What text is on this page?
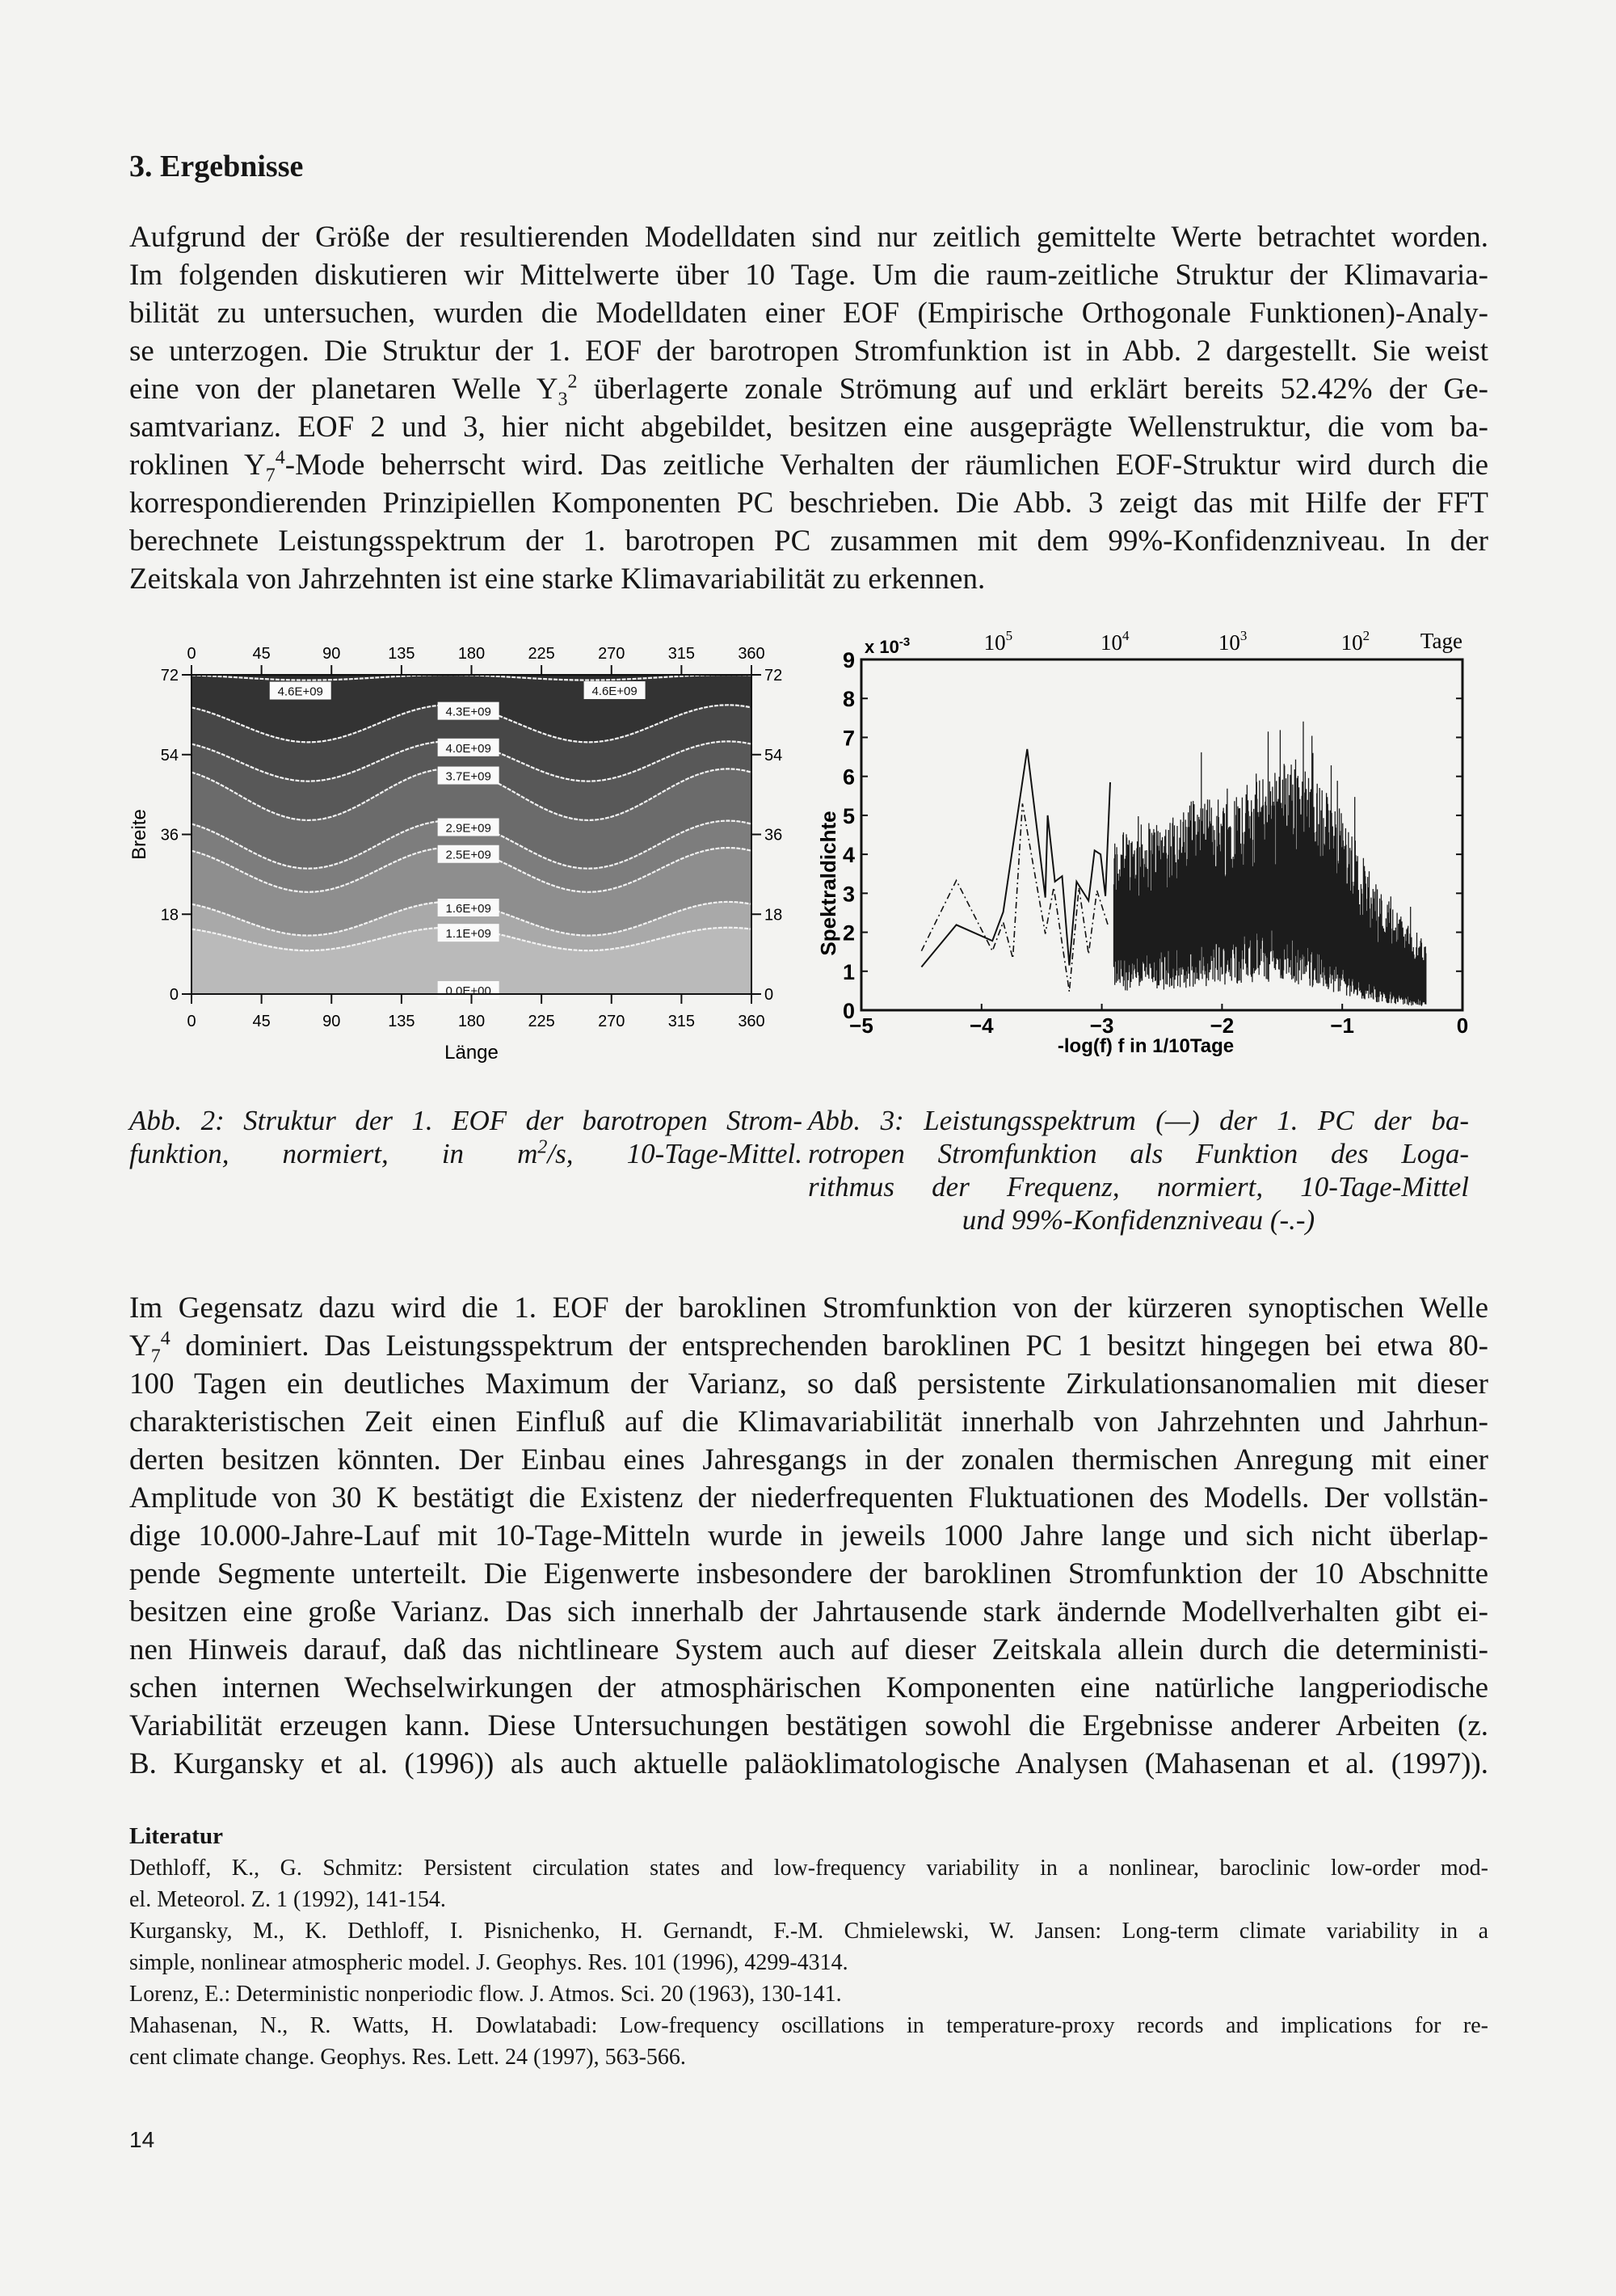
3. Ergebnisse
Aufgrund der Größe der resultierenden Modelldaten sind nur zeitlich gemittelte Werte betrachtet worden.
Im folgenden diskutieren wir Mittelwerte über 10 Tage. Um die raum-zeitliche Struktur der Klimavaria-
bilität zu untersuchen, wurden die Modelldaten einer EOF (Empirische Orthogonale Funktionen)-Analy-
se unterzogen. Die Struktur der 1. EOF der barotropen Stromfunktion ist in Abb. 2 dargestellt. Sie weist
eine von der planetaren Welle $Y_3^2$ überlagerte zonale Strömung auf und erklärt bereits 52.42% der Ge-
samtvarianz. EOF 2 und 3, hier nicht abgebildet, besitzen eine ausgeprägte Wellenstruktur, die vom ba-
roklinen $Y_7^4$-Mode beherrscht wird. Das zeitliche Verhalten der räumlichen EOF-Struktur wird durch die
korrespondierenden Prinzipiellen Komponenten PC beschrieben. Die Abb. 3 zeigt das mit Hilfe der FFT
berechnete Leistungsspektrum der 1. barotropen PC zusammen mit dem 99%-Konfidenzniveau. In der
Zeitskala von Jahrzehnten ist eine starke Klimavariabilität zu erkennen.
0.0E+00
1.1E+09
1.6E+09
2.5E+09
2.9E+09
3.7E+09
4.0E+09
4.3E+09
4.6E+09	4.6E+09
0
0
45
45
90
90
135
135
180
180
225
225
270
270
315
315
360
360
0	0
18	18
36	36
54	54
72	72
Länge
Breite
0
1
2
3
4
5
6
7
8
9
−5	−4	−3	−2	−1	0
-log(f) f in 1/10Tage
Spektraldichte
x $10^{-3}$	$10^5$	$10^4$	$10^3$	$10^2$ Tage
Abb. 2: Struktur der 1. EOF der barotropen Strom-
funktion, normiert, in $m^2/s$, 10-Tage-Mittel.
Abb. 3: Leistungsspektrum (—) der 1. PC der ba-
rotropen Stromfunktion als Funktion des Loga-
rithmus der Frequenz, normiert, 10-Tage-Mittel
und 99%-Konfidenzniveau (-.-)
Im Gegensatz dazu wird die 1. EOF der baroklinen Stromfunktion von der kürzeren synoptischen Welle
$Y_7^4$ dominiert. Das Leistungsspektrum der entsprechenden baroklinen PC 1 besitzt hingegen bei etwa 80-
100 Tagen ein deutliches Maximum der Varianz, so daß persistente Zirkulationsanomalien mit dieser
charakteristischen Zeit einen Einfluß auf die Klimavariabilität innerhalb von Jahrzehnten und Jahrhun-
derten besitzen könnten. Der Einbau eines Jahresgangs in der zonalen thermischen Anregung mit einer
Amplitude von 30 K bestätigt die Existenz der niederfrequenten Fluktuationen des Modells. Der vollstän-
dige 10.000-Jahre-Lauf mit 10-Tage-Mitteln wurde in jeweils 1000 Jahre lange und sich nicht überlap-
pende Segmente unterteilt. Die Eigenwerte insbesondere der baroklinen Stromfunktion der 10 Abschnitte
besitzen eine große Varianz. Das sich innerhalb der Jahrtausende stark ändernde Modellverhalten gibt ei-
nen Hinweis darauf, daß das nichtlineare System auch auf dieser Zeitskala allein durch die deterministi-
schen internen Wechselwirkungen der atmosphärischen Komponenten eine natürliche langperiodische
Variabilität erzeugen kann. Diese Untersuchungen bestätigen sowohl die Ergebnisse anderer Arbeiten (z.
B. Kurgansky et al. (1996)) als auch aktuelle paläoklimatologische Analysen (Mahasenan et al. (1997)).
Literatur
Dethloff, K., G. Schmitz: Persistent circulation states and low-frequency variability in a nonlinear, baroclinic low-order mod-
el. Meteorol. Z. 1 (1992), 141-154.
Kurgansky, M., K. Dethloff, I. Pisnichenko, H. Gernandt, F.-M. Chmielewski, W. Jansen: Long-term climate variability in a
simple, nonlinear atmospheric model. J. Geophys. Res. 101 (1996), 4299-4314.
Lorenz, E.: Deterministic nonperiodic flow. J. Atmos. Sci. 20 (1963), 130-141.
Mahasenan, N., R. Watts, H. Dowlatabadi: Low-frequency oscillations in temperature-proxy records and implications for re-
cent climate change. Geophys. Res. Lett. 24 (1997), 563-566.
14
